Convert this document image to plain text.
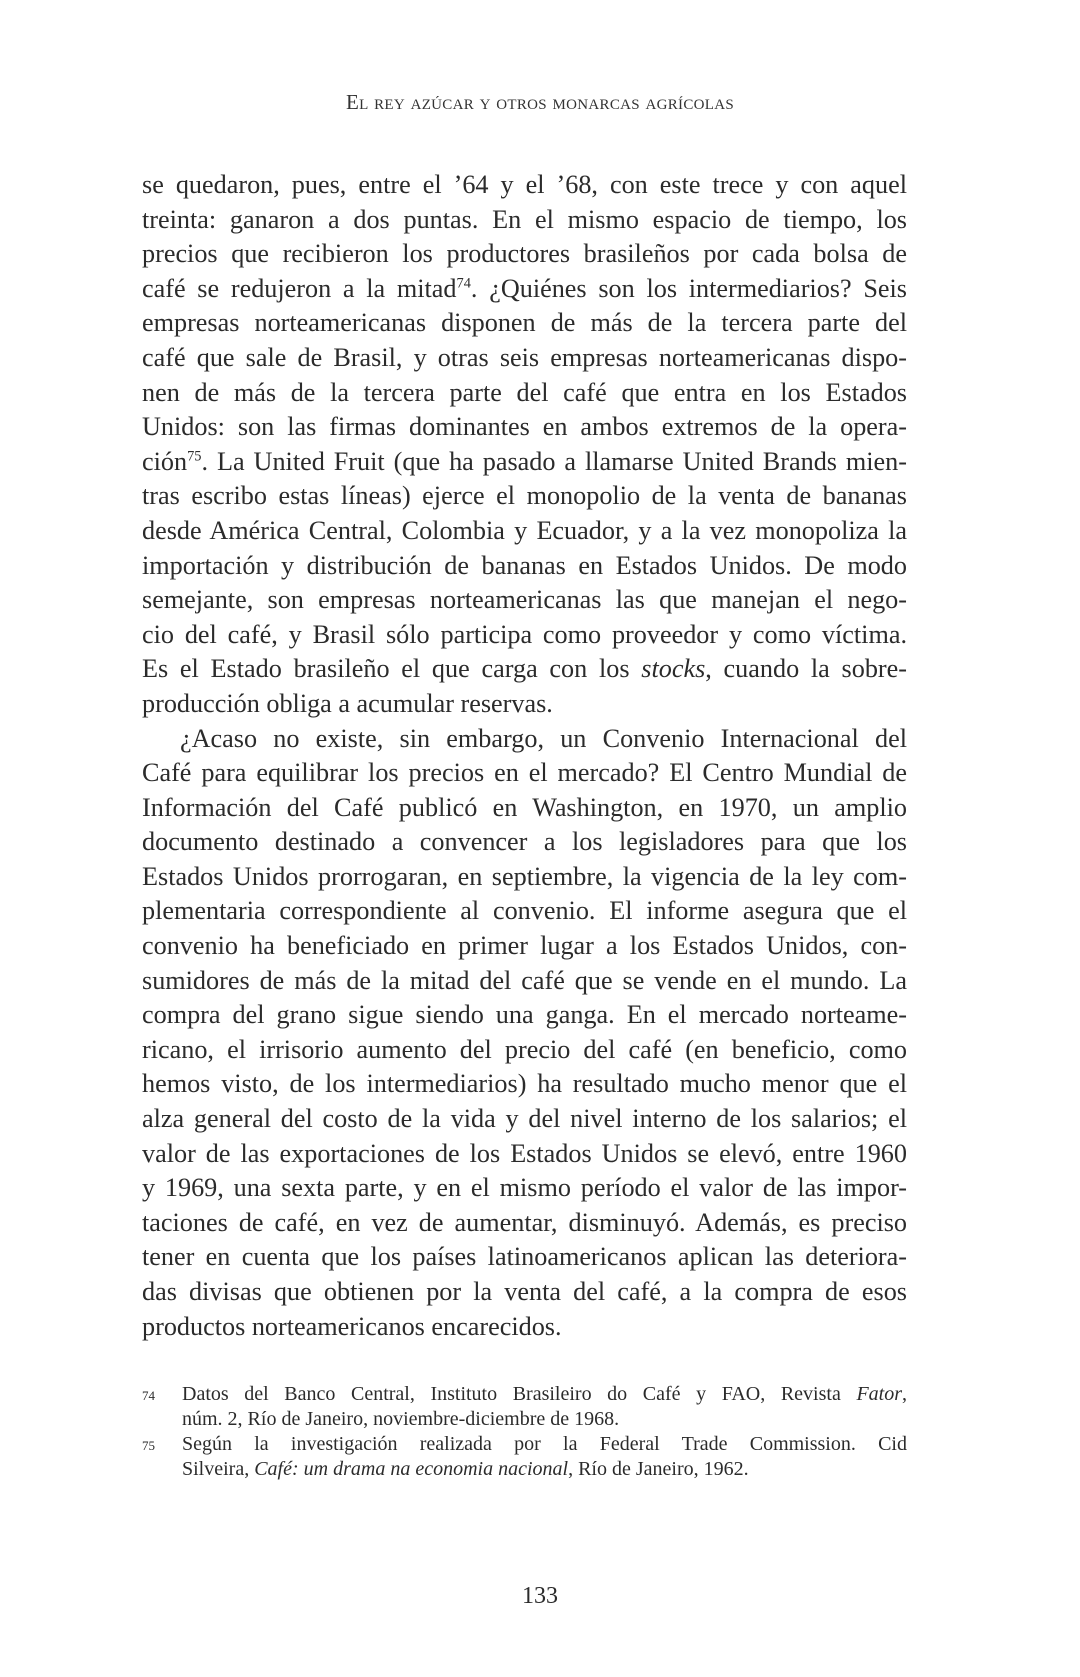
El rey azúcar y otros monarcas agrícolas

se quedaron, pues, entre el ’64 y el ’68, con este trece y con aquel
treinta: ganaron a dos puntas. En el mismo espacio de tiempo, los
precios que recibieron los productores brasileños por cada bolsa de
café se redujeron a la mitad$^{74}$. ¿Quiénes son los intermediarios? Seis
empresas norteamericanas disponen de más de la tercera parte del
café que sale de Brasil, y otras seis empresas norteamericanas dispo-
nen de más de la tercera parte del café que entra en los Estados
Unidos: son las firmas dominantes en ambos extremos de la opera-
ción$^{75}$. La United Fruit (que ha pasado a llamarse United Brands mien-
tras escribo estas líneas) ejerce el monopolio de la venta de bananas
desde América Central, Colombia y Ecuador, y a la vez monopoliza la
importación y distribución de bananas en Estados Unidos. De modo
semejante, son empresas norteamericanas las que manejan el nego-
cio del café, y Brasil sólo participa como proveedor y como víctima.
Es el Estado brasileño el que carga con los stocks, cuando la sobre-
producción obliga a acumular reservas.

¿Acaso no existe, sin embargo, un Convenio Internacional del
Café para equilibrar los precios en el mercado? El Centro Mundial de
Información del Café publicó en Washington, en 1970, un amplio
documento destinado a convencer a los legisladores para que los
Estados Unidos prorrogaran, en septiembre, la vigencia de la ley com-
plementaria correspondiente al convenio. El informe asegura que el
convenio ha beneficiado en primer lugar a los Estados Unidos, con-
sumidores de más de la mitad del café que se vende en el mundo. La
compra del grano sigue siendo una ganga. En el mercado norteame-
ricano, el irrisorio aumento del precio del café (en beneficio, como
hemos visto, de los intermediarios) ha resultado mucho menor que el
alza general del costo de la vida y del nivel interno de los salarios; el
valor de las exportaciones de los Estados Unidos se elevó, entre 1960
y 1969, una sexta parte, y en el mismo período el valor de las impor-
taciones de café, en vez de aumentar, disminuyó. Además, es preciso
tener en cuenta que los países latinoamericanos aplican las deteriora-
das divisas que obtienen por la venta del café, a la compra de esos
productos norteamericanos encarecidos.

74	Datos del Banco Central, Instituto Brasileiro do Café y FAO, Revista Fator,
núm. 2, Río de Janeiro, noviembre-diciembre de 1968.
75	Según la investigación realizada por la Federal Trade Commission. Cid
Silveira, Café: um drama na economia nacional, Río de Janeiro, 1962.
133
